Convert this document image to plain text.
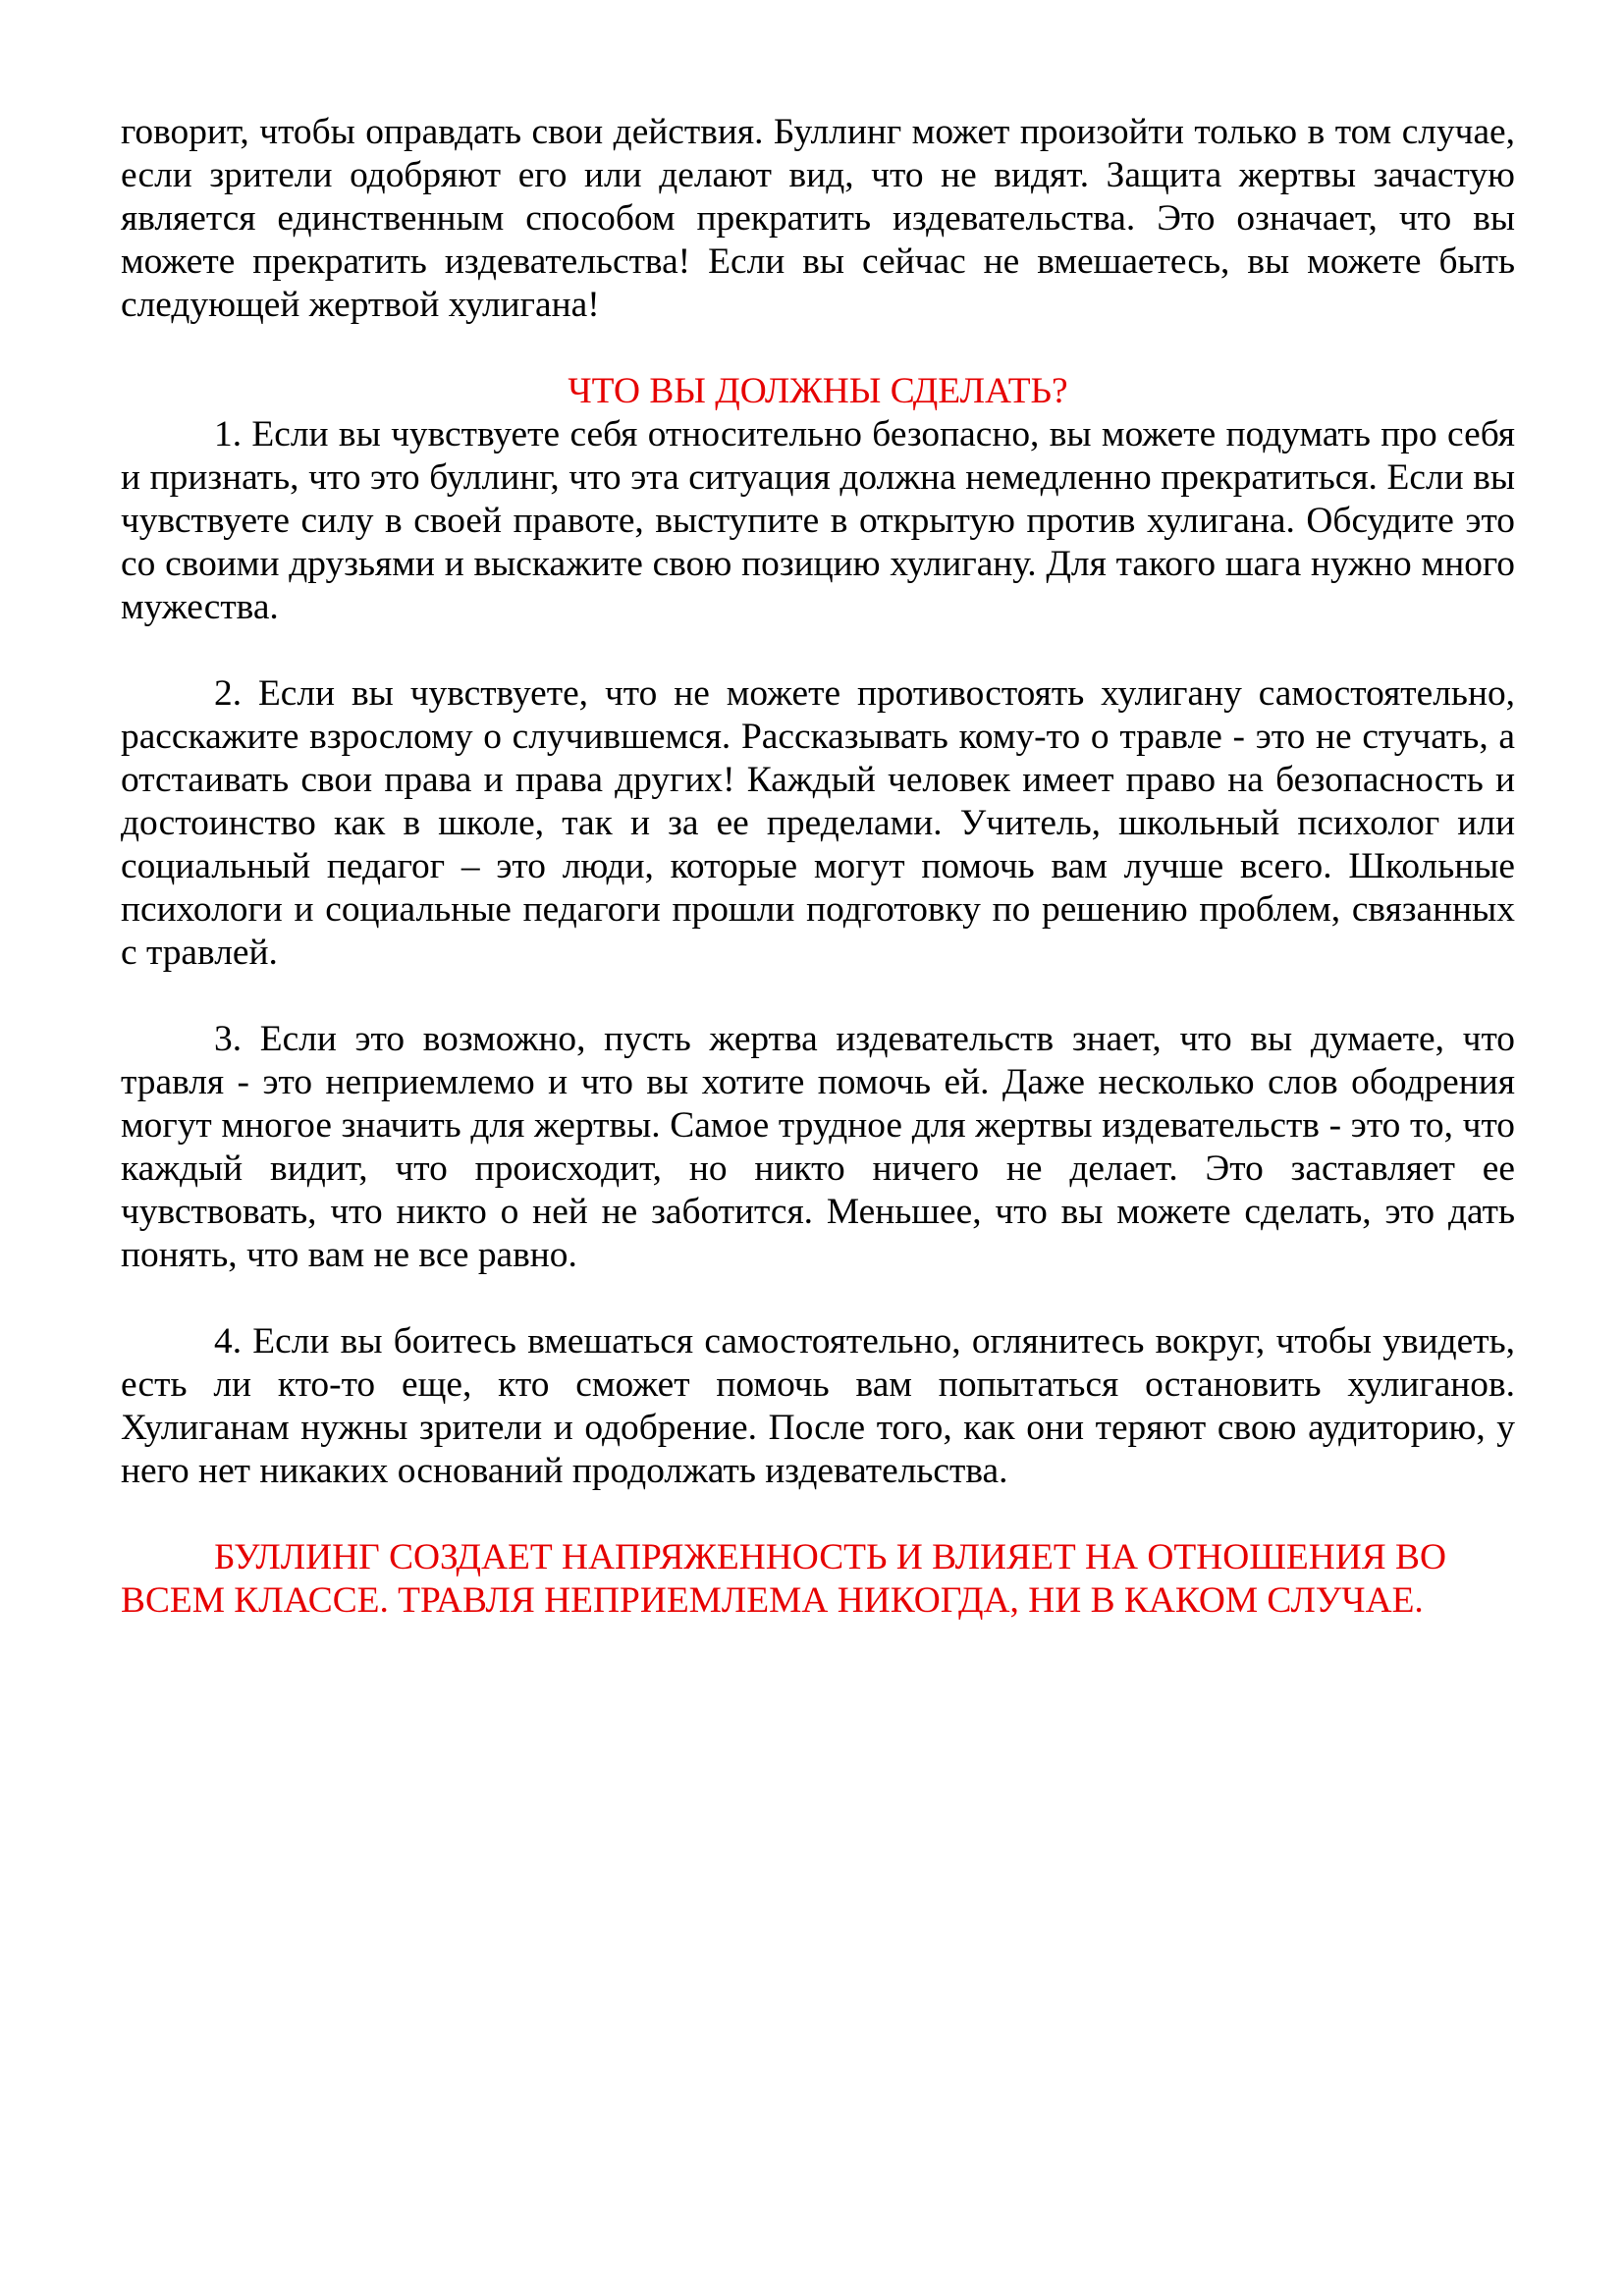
говорит, чтобы оправдать свои действия. Буллинг может произойти только в том случае, если зрители одобряют его или делают вид, что не видят. Защита жертвы зачастую является единственным способом прекратить издевательства. Это означает, что вы можете прекратить издевательства! Если вы сейчас не вмешаетесь, вы можете быть следующей жертвой хулигана!

ЧТО ВЫ ДОЛЖНЫ СДЕЛАТЬ?

1. Если вы чувствуете себя относительно безопасно, вы можете подумать про себя и признать, что это буллинг, что эта ситуация должна немедленно прекратиться. Если вы чувствуете силу в своей правоте, выступите в открытую против хулигана. Обсудите это со своими друзьями и выскажите свою позицию хулигану. Для такого шага нужно много мужества.

2. Если вы чувствуете, что не можете противостоять хулигану самостоятельно, расскажите взрослому о случившемся. Рассказывать кому-то о травле - это не стучать, а отстаивать свои права и права других! Каждый человек имеет право на безопасность и достоинство как в школе, так и за ее пределами. Учитель, школьный психолог или социальный педагог – это люди, которые могут помочь вам лучше всего. Школьные психологи и социальные педагоги прошли подготовку по решению проблем, связанных с травлей.

3. Если это возможно, пусть жертва издевательств знает, что вы думаете, что травля - это неприемлемо и что вы хотите помочь ей. Даже несколько слов ободрения могут многое значить для жертвы. Самое трудное для жертвы издевательств - это то, что каждый видит, что происходит, но никто ничего не делает. Это заставляет ее чувствовать, что никто о ней не заботится. Меньшее, что вы можете сделать, это дать понять, что вам не все равно.

4. Если вы боитесь вмешаться самостоятельно, оглянитесь вокруг, чтобы увидеть, есть ли кто-то еще, кто сможет помочь вам попытаться остановить хулиганов. Хулиганам нужны зрители и одобрение. После того, как они теряют свою аудиторию, у него нет никаких оснований продолжать издевательства.

БУЛЛИНГ СОЗДАЕТ НАПРЯЖЕННОСТЬ И ВЛИЯЕТ НА ОТНОШЕНИЯ ВО ВСЕМ КЛАССЕ. ТРАВЛЯ НЕПРИЕМЛЕМА НИКОГДА, НИ В КАКОМ СЛУЧАЕ.
